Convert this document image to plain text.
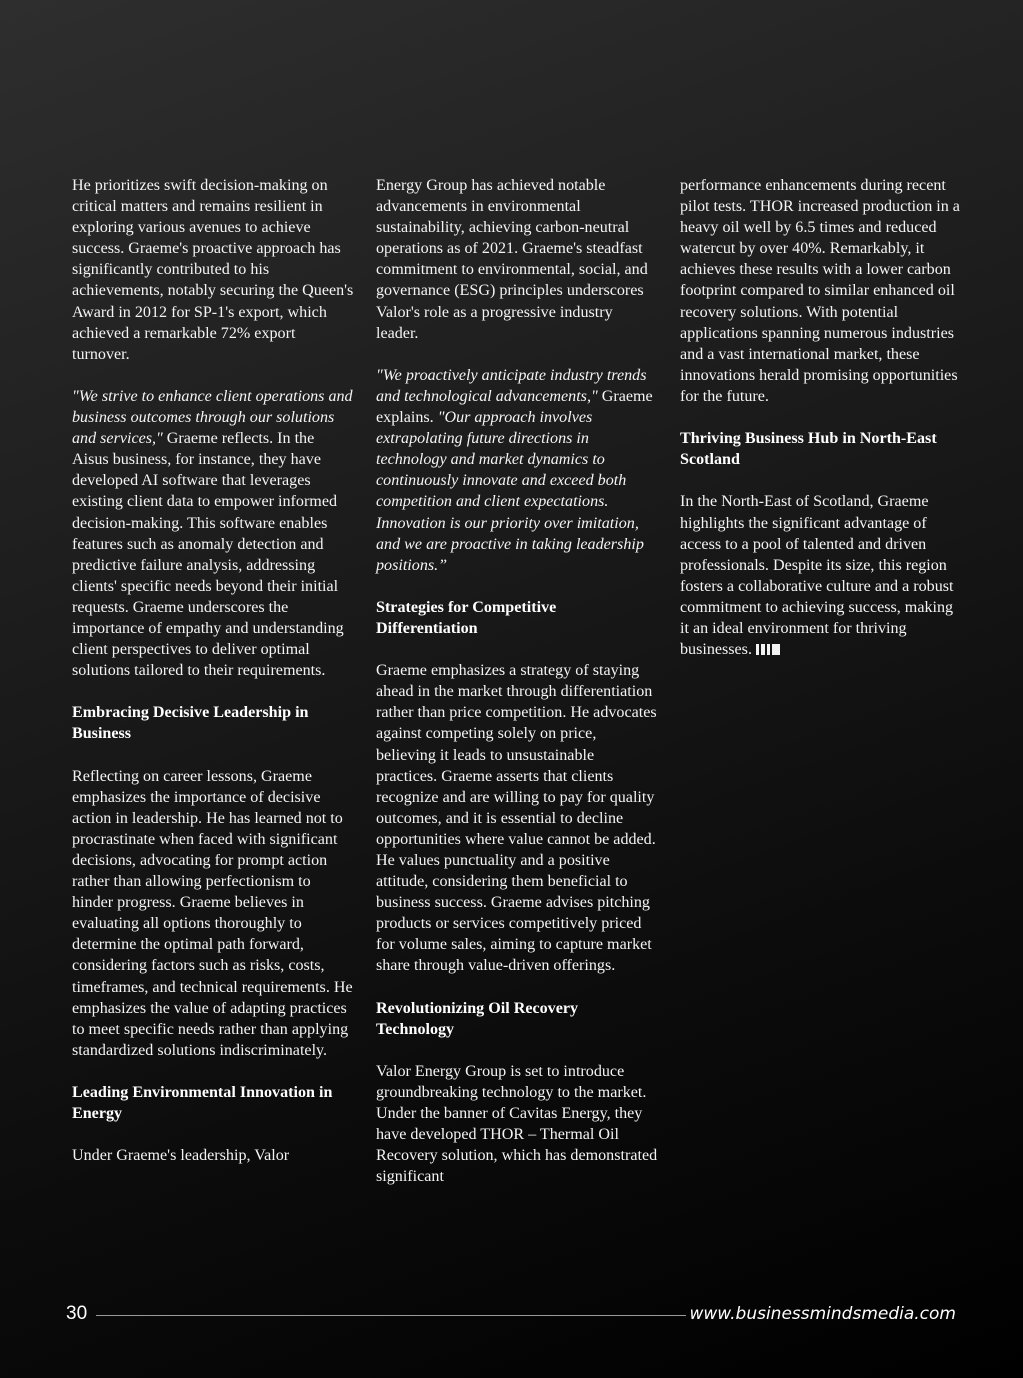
He prioritizes swift decision-making on critical matters and remains resilient in exploring various avenues to achieve success. Graeme's proactive approach has significantly contributed to his achievements, notably securing the Queen's Award in 2012 for SP-1's export, which achieved a remarkable 72% export turnover.

"We strive to enhance client operations and business outcomes through our solutions and services," Graeme reflects. In the Aisus business, for instance, they have developed AI software that leverages existing client data to empower informed decision-making. This software enables features such as anomaly detection and predictive failure analysis, addressing clients' specific needs beyond their initial requests. Graeme underscores the importance of empathy and understanding client perspectives to deliver optimal solutions tailored to their requirements.

Embracing Decisive Leadership in Business

Reflecting on career lessons, Graeme emphasizes the importance of decisive action in leadership. He has learned not to procrastinate when faced with significant decisions, advocating for prompt action rather than allowing perfectionism to hinder progress. Graeme believes in evaluating all options thoroughly to determine the optimal path forward, considering factors such as risks, costs, timeframes, and technical requirements. He emphasizes the value of adapting practices to meet specific needs rather than applying standardized solutions indiscriminately.

Leading Environmental Innovation in Energy

Under Graeme's leadership, Valor

Energy Group has achieved notable advancements in environmental sustainability, achieving carbon-neutral operations as of 2021. Graeme's steadfast commitment to environmental, social, and governance (ESG) principles underscores Valor's role as a progressive industry leader.

"We proactively anticipate industry trends and technological advancements," Graeme explains. "Our approach involves extrapolating future directions in technology and market dynamics to continuously innovate and exceed both competition and client expectations. Innovation is our priority over imitation, and we are proactive in taking leadership positions.”

Strategies for Competitive Differentiation

Graeme emphasizes a strategy of staying ahead in the market through differentiation rather than price competition. He advocates against competing solely on price, believing it leads to unsustainable practices. Graeme asserts that clients recognize and are willing to pay for quality outcomes, and it is essential to decline opportunities where value cannot be added. He values punctuality and a positive attitude, considering them beneficial to business success. Graeme advises pitching products or services competitively priced for volume sales, aiming to capture market share through value-driven offerings.

Revolutionizing Oil Recovery Technology

Valor Energy Group is set to introduce groundbreaking technology to the market. Under the banner of Cavitas Energy, they have developed THOR – Thermal Oil Recovery solution, which has demonstrated significant

performance enhancements during recent pilot tests. THOR increased production in a heavy oil well by 6.5 times and reduced watercut by over 40%. Remarkably, it achieves these results with a lower carbon footprint compared to similar enhanced oil recovery solutions. With potential applications spanning numerous industries and a vast international market, these innovations herald promising opportunities for the future.

Thriving Business Hub in North-East Scotland

In the North-East of Scotland, Graeme highlights the significant advantage of access to a pool of talented and driven professionals. Despite its size, this region fosters a collaborative culture and a robust commitment to achieving success, making it an ideal environment for thriving businesses.

30	www.businessmindsmedia.com
